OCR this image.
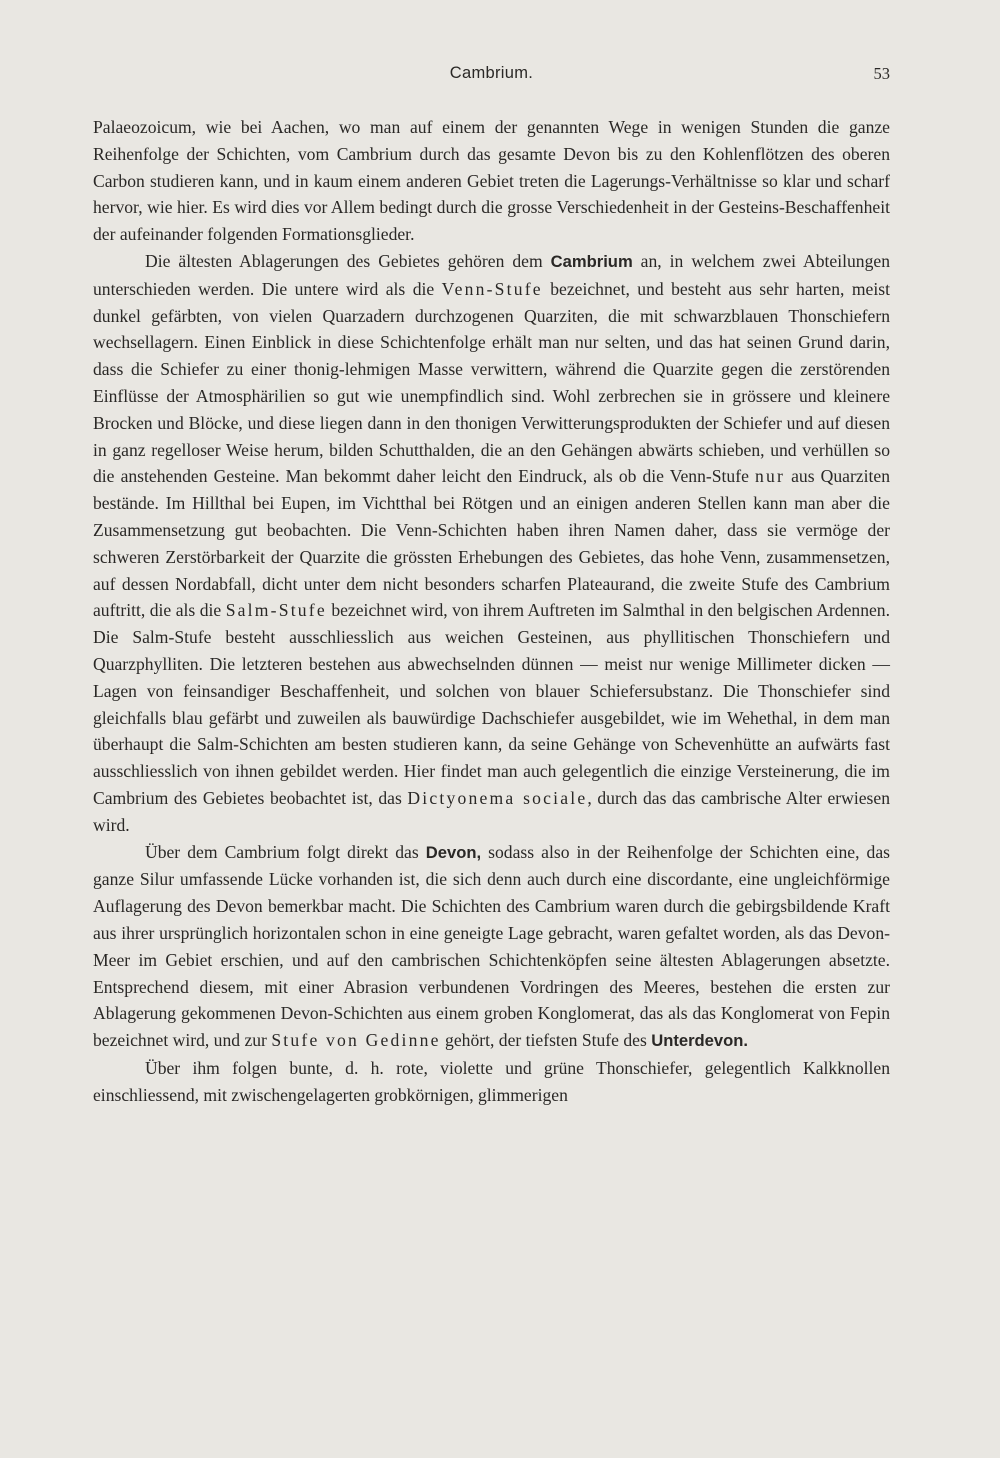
Cambrium.	53

Palaeozoicum, wie bei Aachen, wo man auf einem der genannten Wege in wenigen Stunden die ganze Reihenfolge der Schichten, vom Cambrium durch das gesamte Devon bis zu den Kohlenflötzen des oberen Carbon studieren kann, und in kaum einem anderen Gebiet treten die Lagerungs-Verhältnisse so klar und scharf hervor, wie hier. Es wird dies vor Allem bedingt durch die grosse Verschiedenheit in der Gesteins-Beschaffenheit der aufeinander folgenden Formationsglieder.

Die ältesten Ablagerungen des Gebietes gehören dem Cambrium an, in welchem zwei Abteilungen unterschieden werden. Die untere wird als die Venn-Stufe bezeichnet, und besteht aus sehr harten, meist dunkel gefärbten, von vielen Quarzadern durchzogenen Quarziten, die mit schwarzblauen Thonschiefern wechsellagern. Einen Einblick in diese Schichtenfolge erhält man nur selten, und das hat seinen Grund darin, dass die Schiefer zu einer thonig-lehmigen Masse verwittern, während die Quarzite gegen die zerstörenden Einflüsse der Atmosphärilien so gut wie unempfindlich sind. Wohl zerbrechen sie in grössere und kleinere Brocken und Blöcke, und diese liegen dann in den thonigen Verwitterungsprodukten der Schiefer und auf diesen in ganz regelloser Weise herum, bilden Schutthalden, die an den Gehängen abwärts schieben, und verhüllen so die anstehenden Gesteine. Man bekommt daher leicht den Eindruck, als ob die Venn-Stufe nur aus Quarziten bestände. Im Hillthal bei Eupen, im Vichtthal bei Rötgen und an einigen anderen Stellen kann man aber die Zusammensetzung gut beobachten. Die Venn-Schichten haben ihren Namen daher, dass sie vermöge der schweren Zerstörbarkeit der Quarzite die grössten Erhebungen des Gebietes, das hohe Venn, zusammensetzen, auf dessen Nordabfall, dicht unter dem nicht besonders scharfen Plateaurand, die zweite Stufe des Cambrium auftritt, die als die Salm-Stufe bezeichnet wird, von ihrem Auftreten im Salmthal in den belgischen Ardennen. Die Salm-Stufe besteht ausschliesslich aus weichen Gesteinen, aus phyllitischen Thonschiefern und Quarzphylliten. Die letzteren bestehen aus abwechselnden dünnen — meist nur wenige Millimeter dicken — Lagen von feinsandiger Beschaffenheit, und solchen von blauer Schiefersubstanz. Die Thonschiefer sind gleichfalls blau gefärbt und zuweilen als bauwürdige Dachschiefer ausgebildet, wie im Wehethal, in dem man überhaupt die Salm-Schichten am besten studieren kann, da seine Gehänge von Schevenhütte an aufwärts fast ausschliesslich von ihnen gebildet werden. Hier findet man auch gelegentlich die einzige Versteinerung, die im Cambrium des Gebietes beobachtet ist, das Dictyonema sociale, durch das das cambrische Alter erwiesen wird.

Über dem Cambrium folgt direkt das Devon, sodass also in der Reihenfolge der Schichten eine, das ganze Silur umfassende Lücke vorhanden ist, die sich denn auch durch eine discordante, eine ungleichförmige Auflagerung des Devon bemerkbar macht. Die Schichten des Cambrium waren durch die gebirgsbildende Kraft aus ihrer ursprünglich horizontalen schon in eine geneigte Lage gebracht, waren gefaltet worden, als das Devon-Meer im Gebiet erschien, und auf den cambrischen Schichtenköpfen seine ältesten Ablagerungen absetzte. Entsprechend diesem, mit einer Abrasion verbundenen Vordringen des Meeres, bestehen die ersten zur Ablagerung gekommenen Devon-Schichten aus einem groben Konglomerat, das als das Konglomerat von Fepin bezeichnet wird, und zur Stufe von Gedinne gehört, der tiefsten Stufe des Unterdevon.

Über ihm folgen bunte, d. h. rote, violette und grüne Thonschiefer, gelegentlich Kalkknollen einschliessend, mit zwischengelagerten grobkörnigen, glimmerigen
